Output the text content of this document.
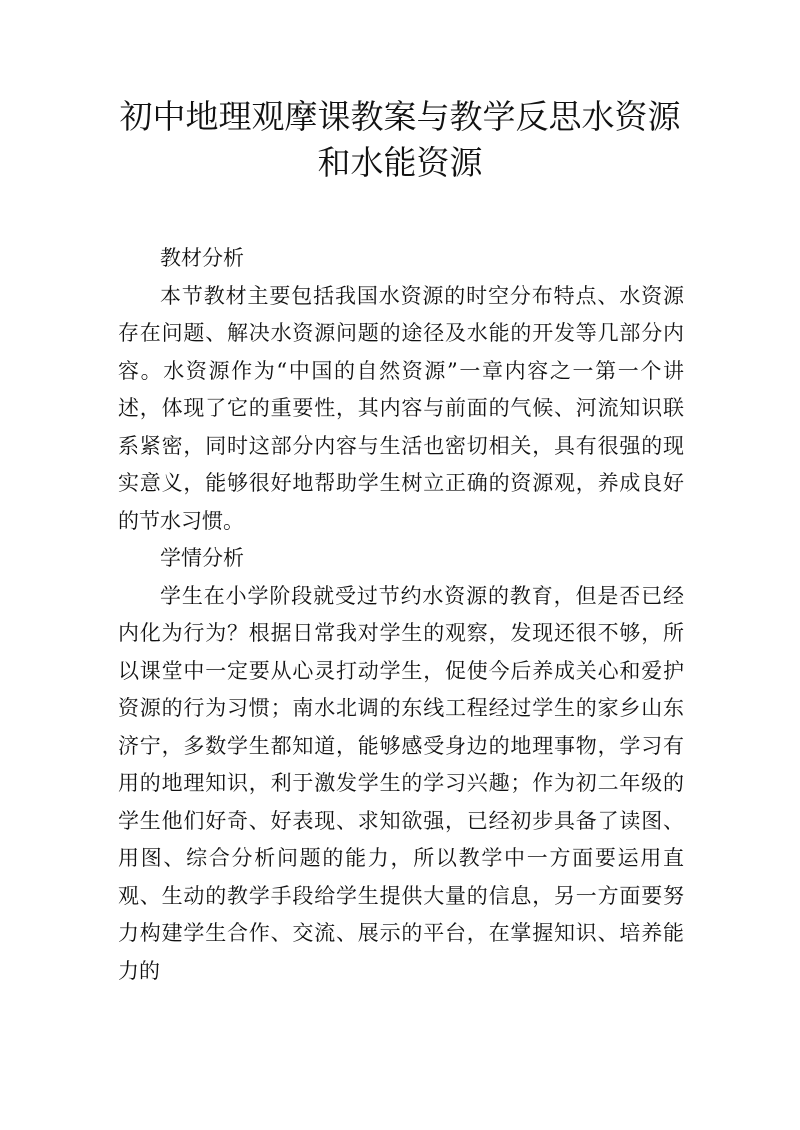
初中地理观摩课教案与教学反思水资源
和水能资源

教材分析

本节教材主要包括我国水资源的时空分布特点、水资源存在问题、解决水资源问题的途径及水能的开发等几部分内容。水资源作为“中国的自然资源”一章内容之一第一个讲述，体现了它的重要性，其内容与前面的气候、河流知识联系紧密，同时这部分内容与生活也密切相关，具有很强的现实意义，能够很好地帮助学生树立正确的资源观，养成良好的节水习惯。

学情分析

学生在小学阶段就受过节约水资源的教育，但是否已经内化为行为？根据日常我对学生的观察，发现还很不够，所以课堂中一定要从心灵打动学生，促使今后养成关心和爱护资源的行为习惯；南水北调的东线工程经过学生的家乡山东济宁，多数学生都知道，能够感受身边的地理事物，学习有用的地理知识，利于激发学生的学习兴趣；作为初二年级的学生他们好奇、好表现、求知欲强，已经初步具备了读图、用图、综合分析问题的能力，所以教学中一方面要运用直观、生动的教学手段给学生提供大量的信息，另一方面要努力构建学生合作、交流、展示的平台，在掌握知识、培养能力的
